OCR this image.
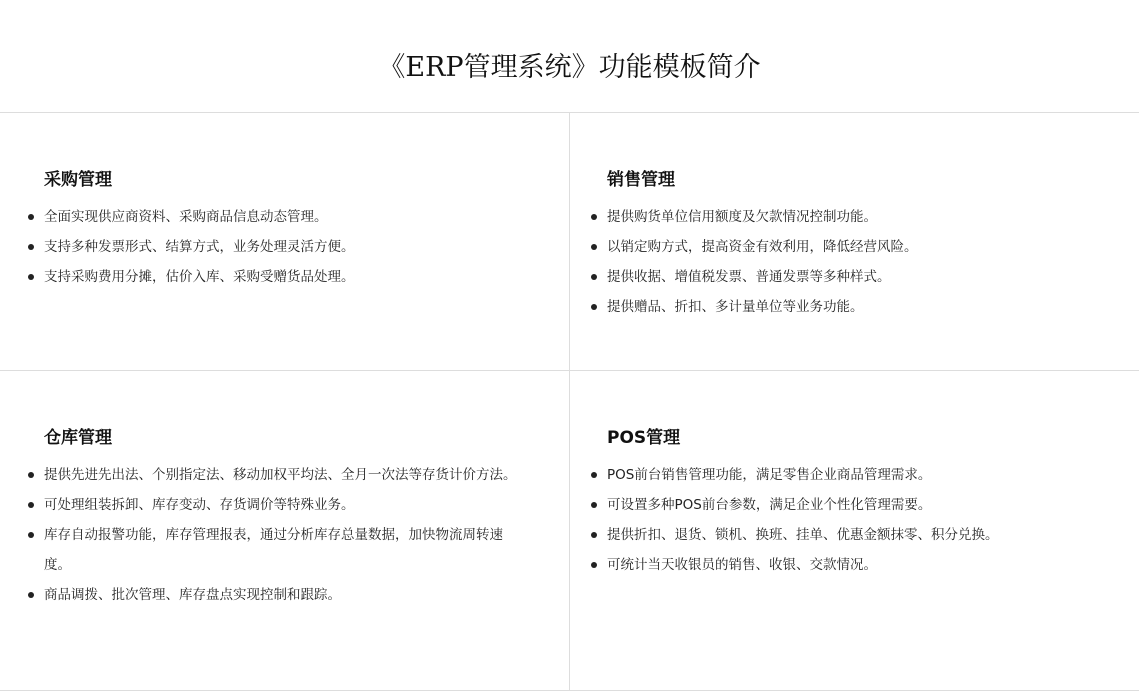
《ERP管理系统》功能模板简介
采购管理
全面实现供应商资料、采购商品信息动态管理。
支持多种发票形式、结算方式，业务处理灵活方便。
支持采购费用分摊，估价入库、采购受赠货品处理。
销售管理
提供购货单位信用额度及欠款情况控制功能。
以销定购方式，提高资金有效利用，降低经营风险。
提供收据、增值税发票、普通发票等多种样式。
提供赠品、折扣、多计量单位等业务功能。
仓库管理
提供先进先出法、个别指定法、移动加权平均法、全月一次法等存货计价方法。
可处理组装拆卸、库存变动、存货调价等特殊业务。
库存自动报警功能，库存管理报表，通过分析库存总量数据，加快物流周转速度。
商品调拨、批次管理、库存盘点实现控制和跟踪。
POS管理
POS前台销售管理功能，满足零售企业商品管理需求。
可设置多种POS前台参数，满足企业个性化管理需要。
提供折扣、退货、锁机、换班、挂单、优惠金额抹零、积分兑换。
可统计当天收银员的销售、收银、交款情况。
